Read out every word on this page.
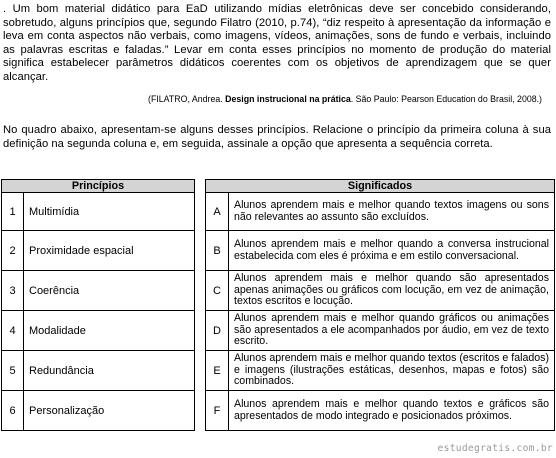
. Um bom material didático para EaD utilizando mídias eletrônicas deve ser concebido considerando, sobretudo, alguns princípios que, segundo Filatro (2010, p.74), “diz respeito à apresentação da informação e leva em conta aspectos não verbais, como imagens, vídeos, animações, sons de fundo e verbais, incluindo as palavras escritas e faladas.” Levar em conta esses princípios no momento de produção do material significa estabelecer parâmetros didáticos coerentes com os objetivos de aprendizagem que se quer alcançar.
(FILATRO, Andrea. Design instrucional na prática. São Paulo: Pearson Education do Brasil, 2008.)
No quadro abaixo, apresentam-se alguns desses princípios. Relacione o princípio da primeira coluna à sua definição na segunda coluna e, em seguida, assinale a opção que apresenta a sequência correta.
Princípios	
1	Multimídia
2	Proximidade espacial
3	Coerência
4	Modalidade
5	Redundância
6	Personalização
Significados	
A	Alunos aprendem mais e melhor quando textos imagens ou sons não relevantes ao assunto são excluídos.
B	Alunos aprendem mais e melhor quando a conversa instrucional estabelecida com eles é próxima e em estilo conversacional.
C	Alunos aprendem mais e melhor quando são apresentados apenas animações ou gráficos com locução, em vez de animação, textos escritos e locução.
D	Alunos aprendem mais e melhor quando gráficos ou animações são apresentados a ele acompanhados por áudio, em vez de texto escrito.
E	Alunos aprendem mais e melhor quando textos (escritos e falados) e imagens (ilustrações estáticas, desenhos, mapas e fotos) são combinados.
F	Alunos aprendem mais e melhor quando textos e gráficos são apresentados de modo integrado e posicionados próximos.
estudegratis.com.br
